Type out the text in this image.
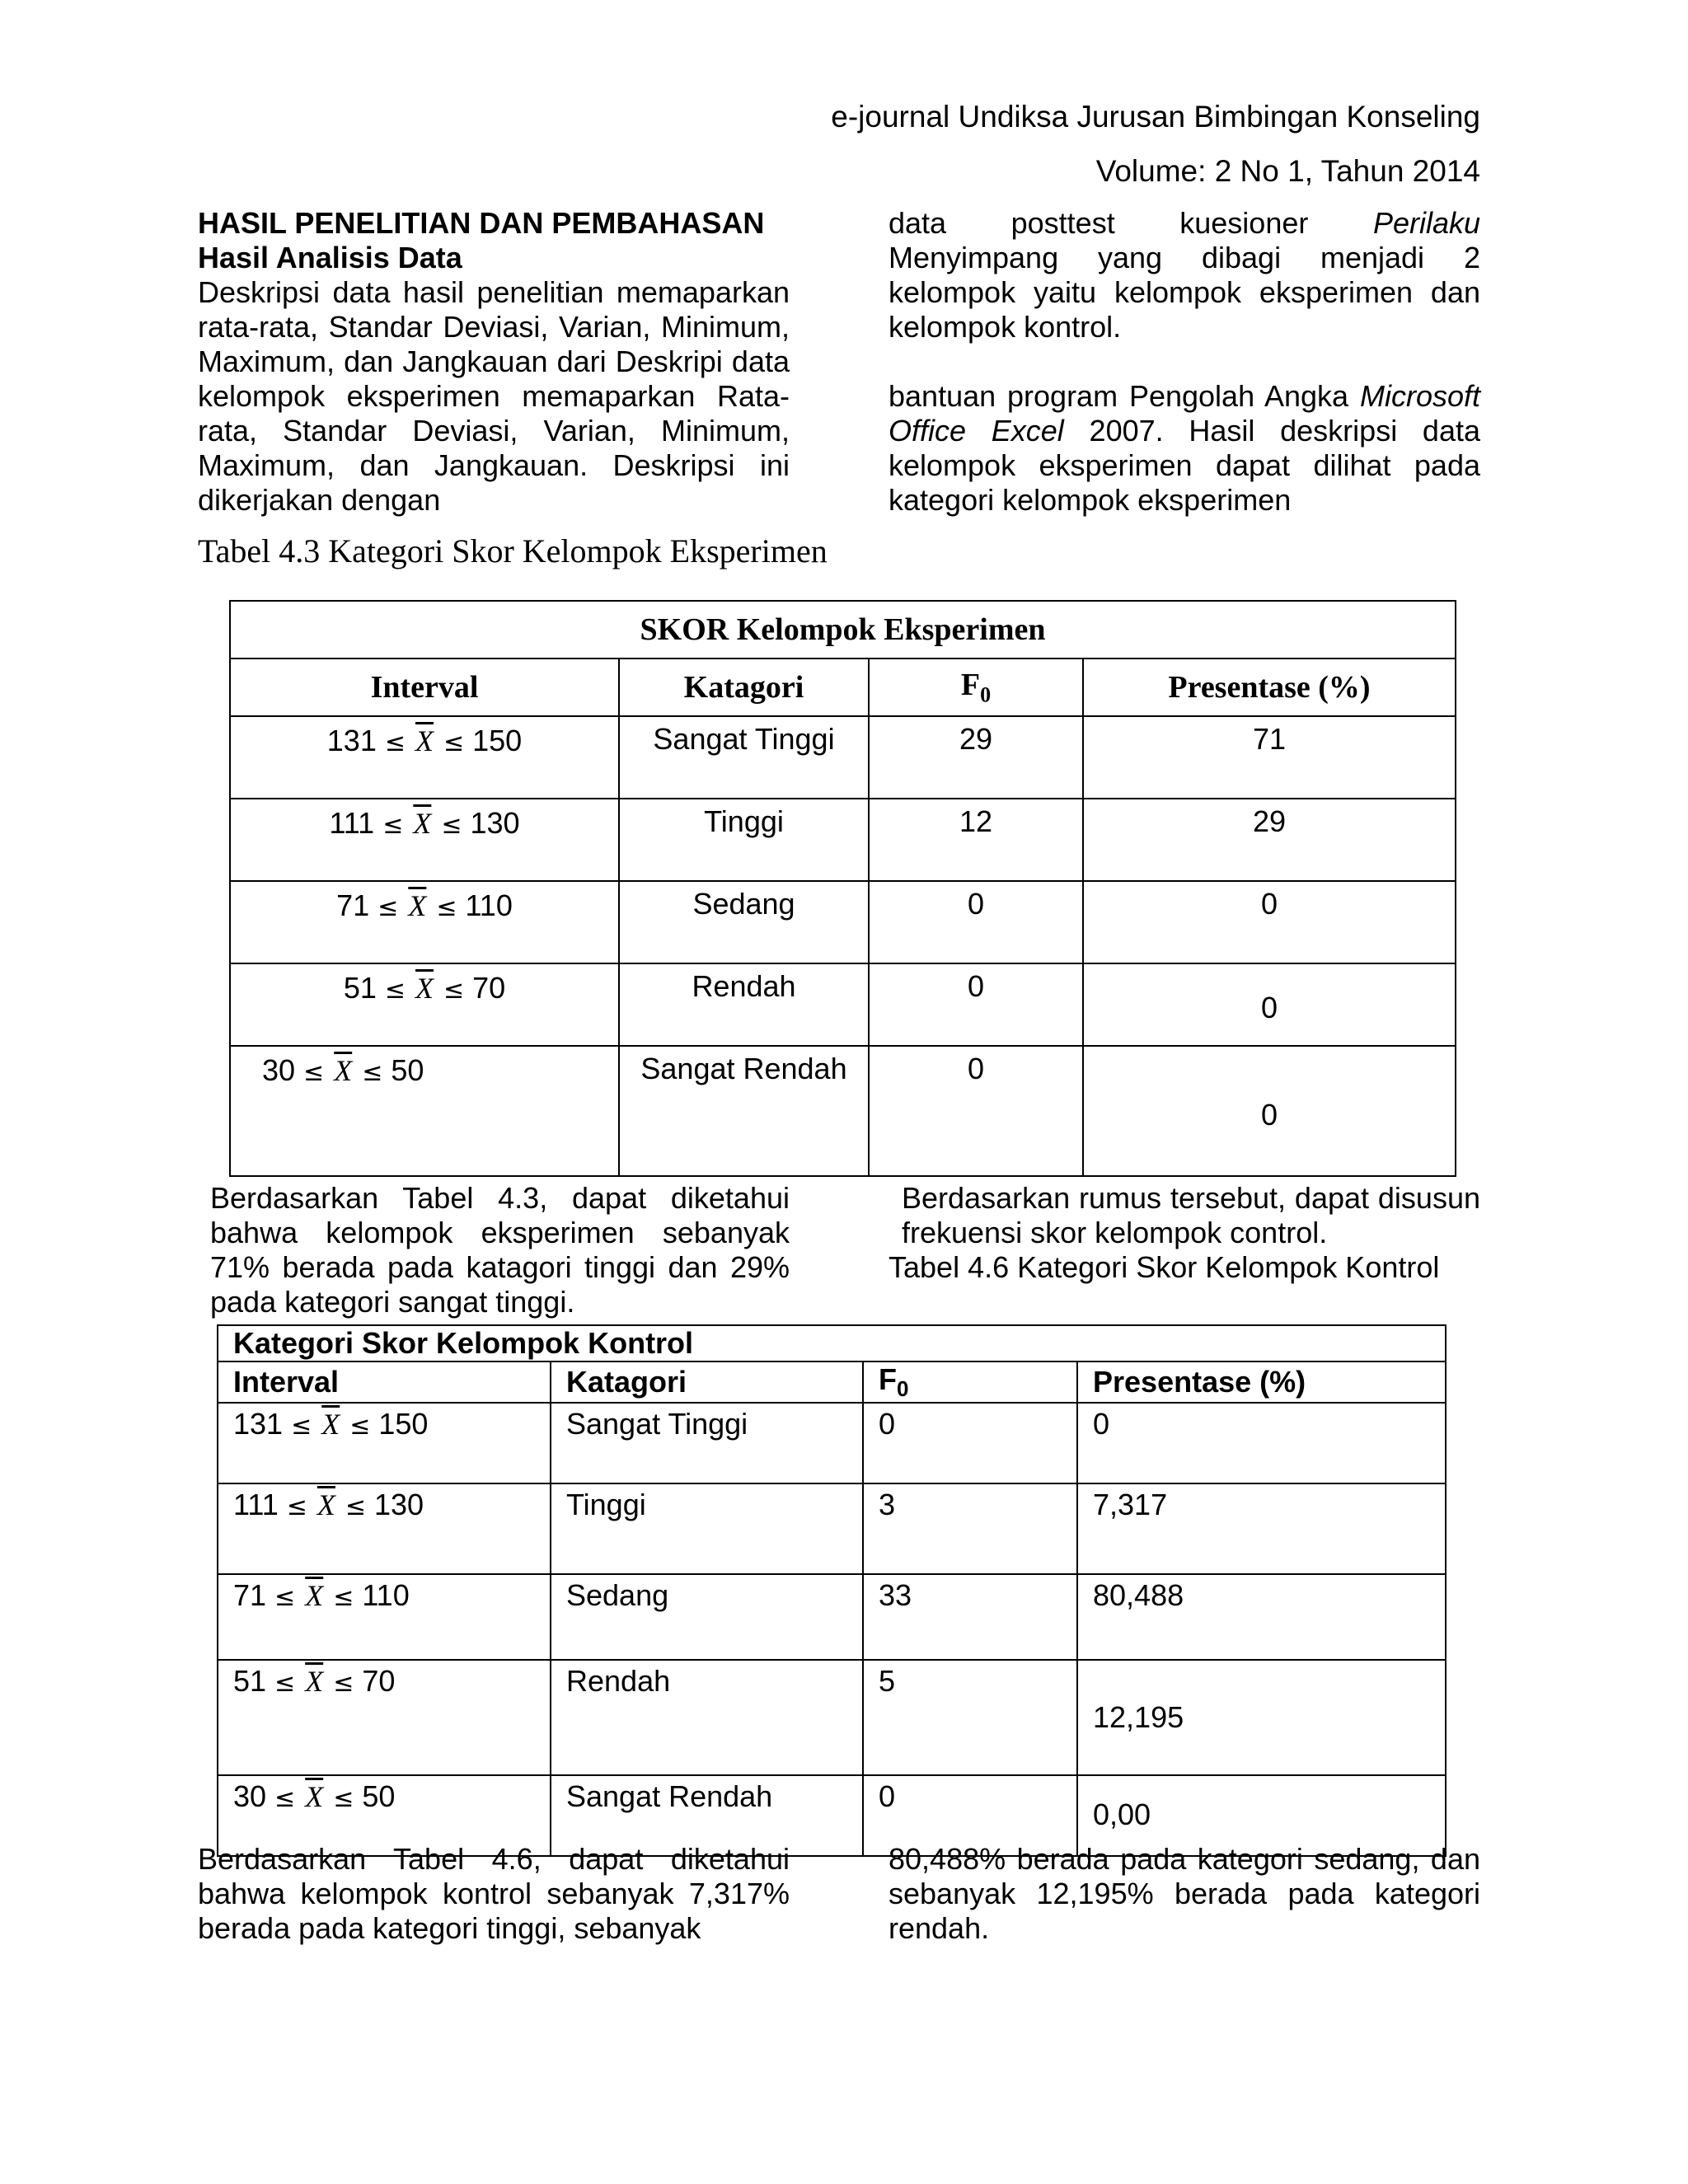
e-journal Undiksa Jurusan Bimbingan Konseling
Volume: 2 No 1, Tahun 2014
HASIL PENELITIAN DAN PEMBAHASAN
Hasil Analisis Data

Deskripsi data hasil penelitian memaparkan rata-rata, Standar Deviasi, Varian, Minimum, Maximum, dan Jangkauan dari Deskripi data kelompok eksperimen memaparkan Rata-rata, Standar Deviasi, Varian, Minimum, Maximum, dan Jangkauan. Deskripsi ini dikerjakan dengan

data posttest kuesioner Perilaku Menyimpang yang dibagi menjadi 2 kelompok yaitu kelompok eksperimen dan kelompok kontrol.

bantuan program Pengolah Angka Microsoft Office Excel 2007. Hasil deskripsi data kelompok eksperimen dapat dilihat pada kategori kelompok eksperimen

Tabel 4.3 Kategori Skor Kelompok Eksperimen
SKOR Kelompok Eksperimen			
Interval	Katagori	$F_0$	Presentase (%)
$131 \le \overline{X} \le 150$	Sangat Tinggi	29	71
$111 \le \overline{X} \le 130$	Tinggi	12	29
$71 \le \overline{X} \le 110$	Sedang	0	0
$51 \le \overline{X} \le 70$	Rendah	0	0
$30 \le \overline{X} \le 50$	Sangat Rendah	0	0

Berdasarkan Tabel 4.3, dapat diketahui bahwa kelompok eksperimen sebanyak 71% berada pada katagori tinggi dan 29% pada kategori sangat tinggi.

Berdasarkan rumus tersebut, dapat disusun frekuensi skor kelompok control.

Tabel 4.6 Kategori Skor Kelompok Kontrol
Kategori Skor Kelompok Kontrol			
Interval	Katagori	$F_0$	Presentase (%)
$131 \le \overline{X} \le 150$	Sangat Tinggi	0	0
$111 \le \overline{X} \le 130$	Tinggi	3	7,317
$71 \le \overline{X} \le 110$	Sedang	33	80,488
$51 \le \overline{X} \le 70$	Rendah	5	12,195
$30 \le \overline{X} \le 50$	Sangat Rendah	0	0,00

Berdasarkan Tabel 4.6, dapat diketahui bahwa kelompok kontrol sebanyak 7,317% berada pada kategori tinggi, sebanyak

80,488% berada pada kategori sedang, dan sebanyak 12,195% berada pada kategori rendah.
